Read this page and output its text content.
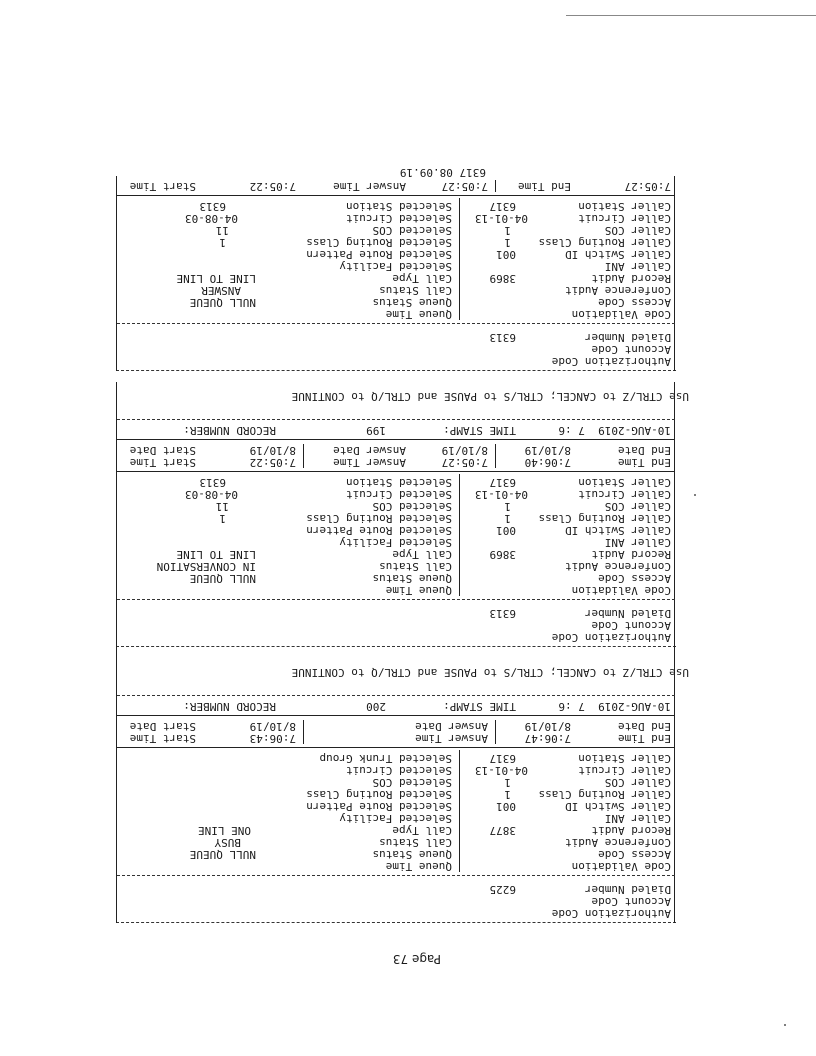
Page 73
Authorization Code
Account Code
Dialed Number
6225
Code Validation
Access Code
Conference Audit
Record Audit
3877
Caller ANI
Caller Switch ID
001
Caller Routing Class
1
Caller COS
1
Caller Circuit
04-01-13
Caller Station
6317
Queue Time
Queue Status
NULL QUEUE
Call Status
BUSY
Call Type
ONE LINE
Selected Facility
Selected Route Pattern
Selected Routing Class
Selected COS
Selected Circuit
Selected Trunk Group
End Time
7:06:47
End Date
8/10/19
Answer Time
Answer Date
7:06:43
8/10/19
Start Time
Start Date
10-AUG-2019  7 :6
TIME STAMP:
200
RECORD NUMBER:
Use CTRL/Z to CANCEL; CTRL/S to PAUSE and CTRL/Q to CONTINUE
Authorization Code
Account Code
Dialed Number
6313
Code Validation
Access Code
Conference Audit
Record Audit
3869
Caller ANI
Caller Switch ID
001
Caller Routing Class
1
Caller COS
1
Caller Circuit
04-01-13
Caller Station
6317
Queue Time
Queue Status
NULL QUEUE
Call Status
IN CONVERSATION
Call Type
LINE TO LINE
Selected Facility
Selected Route Pattern
Selected Routing Class
1
Selected COS
11
Selected Circuit
04-08-03
Selected Station
6313
End Time
7:06:40
End Date
8/10/19
7:05:27
8/10/19
Answer Time
Answer Date
7:05:22
8/10/19
Start Time
Start Date
10-AUG-2019  7 :6
TIME STAMP:
199
RECORD NUMBER:
Use CTRL/Z to CANCEL; CTRL/S to PAUSE and CTRL/Q to CONTINUE
Authorization Code
Account Code
Dialed Number
6313
Code Validation
Access Code
Conference Audit
Record Audit
3869
Caller ANI
Caller Switch ID
001
Caller Routing Class
1
Caller COS
1
Caller Circuit
04-01-13
Caller Station
6317
Queue Time
Queue Status
NULL QUEUE
Call Status
ANSWER
Call Type
LINE TO LINE
Selected Facility
Selected Route Pattern
Selected Routing Class
1
Selected COS
11
Selected Circuit
04-08-03
Selected Station
6313
7:05:27
End Time
7:05:27
Answer Time
7:05:22
Start Time
6317 08.09.19
